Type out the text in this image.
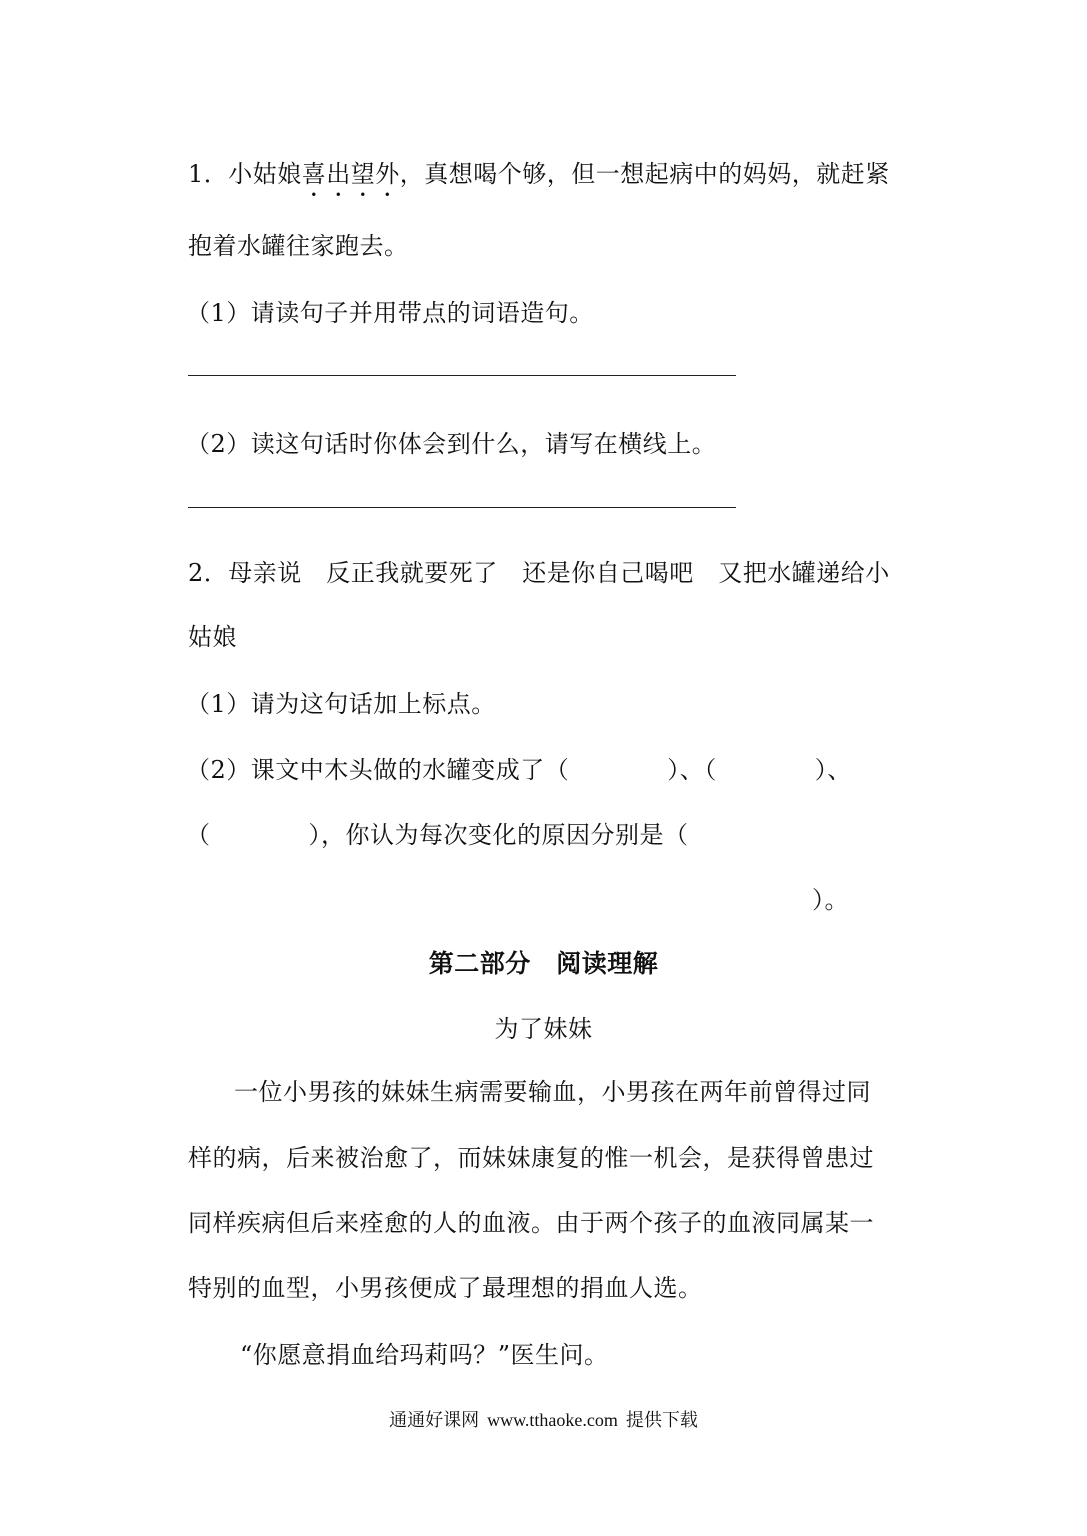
1．小姑娘喜出望外，真想喝个够，但一想起病中的妈妈，就赶紧
抱着水罐往家跑去。
（1）请读句子并用带点的词语造句。
（2）读这句话时你体会到什么，请写在横线上。
2．母亲说　反正我就要死了　还是你自己喝吧　又把水罐递给小
姑娘
（1）请为这句话加上标点。
（2）课文中木头做的水罐变成了（　　　　）、（　　　　）、
（　　　　），你认为每次变化的原因分别是（
）。
第二部分　阅读理解
为了妹妹
一位小男孩的妹妹生病需要输血，小男孩在两年前曾得过同
样的病，后来被治愈了，而妹妹康复的惟一机会，是获得曾患过
同样疾病但后来痊愈的人的血液。由于两个孩子的血液同属某一
特别的血型，小男孩便成了最理想的捐血人选。
“你愿意捐血给玛莉吗？”医生问。
通通好课网 www.tthaoke.com 提供下载
